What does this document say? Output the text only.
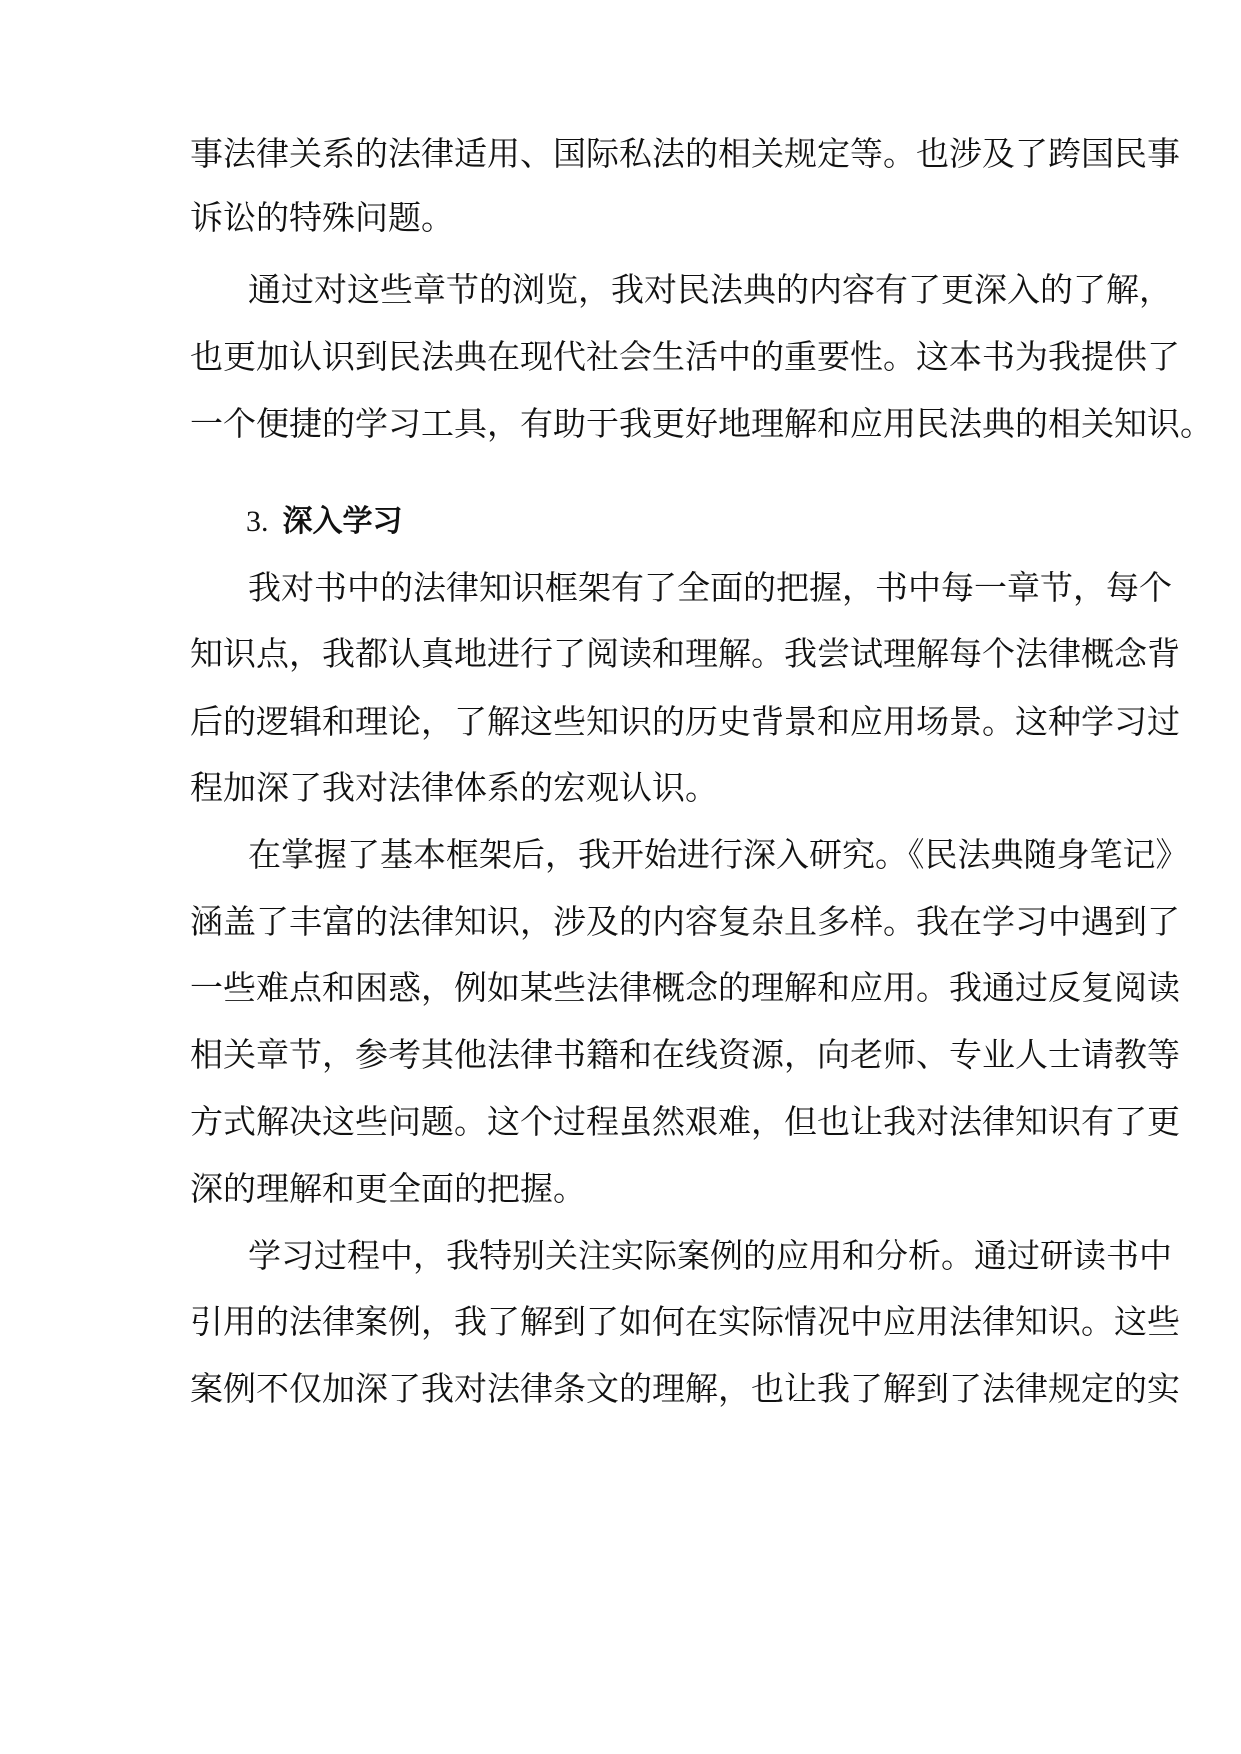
事法律关系的法律适用、国际私法的相关规定等。也涉及了跨国民事
诉讼的特殊问题。
通过对这些章节的浏览，我对民法典的内容有了更深入的了解，
也更加认识到民法典在现代社会生活中的重要性。这本书为我提供了
一个便捷的学习工具，有助于我更好地理解和应用民法典的相关知识。
3. 深入学习
我对书中的法律知识框架有了全面的把握，书中每一章节，每个
知识点，我都认真地进行了阅读和理解。我尝试理解每个法律概念背
后的逻辑和理论，了解这些知识的历史背景和应用场景。这种学习过
程加深了我对法律体系的宏观认识。
在掌握了基本框架后，我开始进行深入研究。《民法典随身笔记》
涵盖了丰富的法律知识，涉及的内容复杂且多样。我在学习中遇到了
一些难点和困惑，例如某些法律概念的理解和应用。我通过反复阅读
相关章节，参考其他法律书籍和在线资源，向老师、专业人士请教等
方式解决这些问题。这个过程虽然艰难，但也让我对法律知识有了更
深的理解和更全面的把握。
学习过程中，我特别关注实际案例的应用和分析。通过研读书中
引用的法律案例，我了解到了如何在实际情况中应用法律知识。这些
案例不仅加深了我对法律条文的理解，也让我了解到了法律规定的实
